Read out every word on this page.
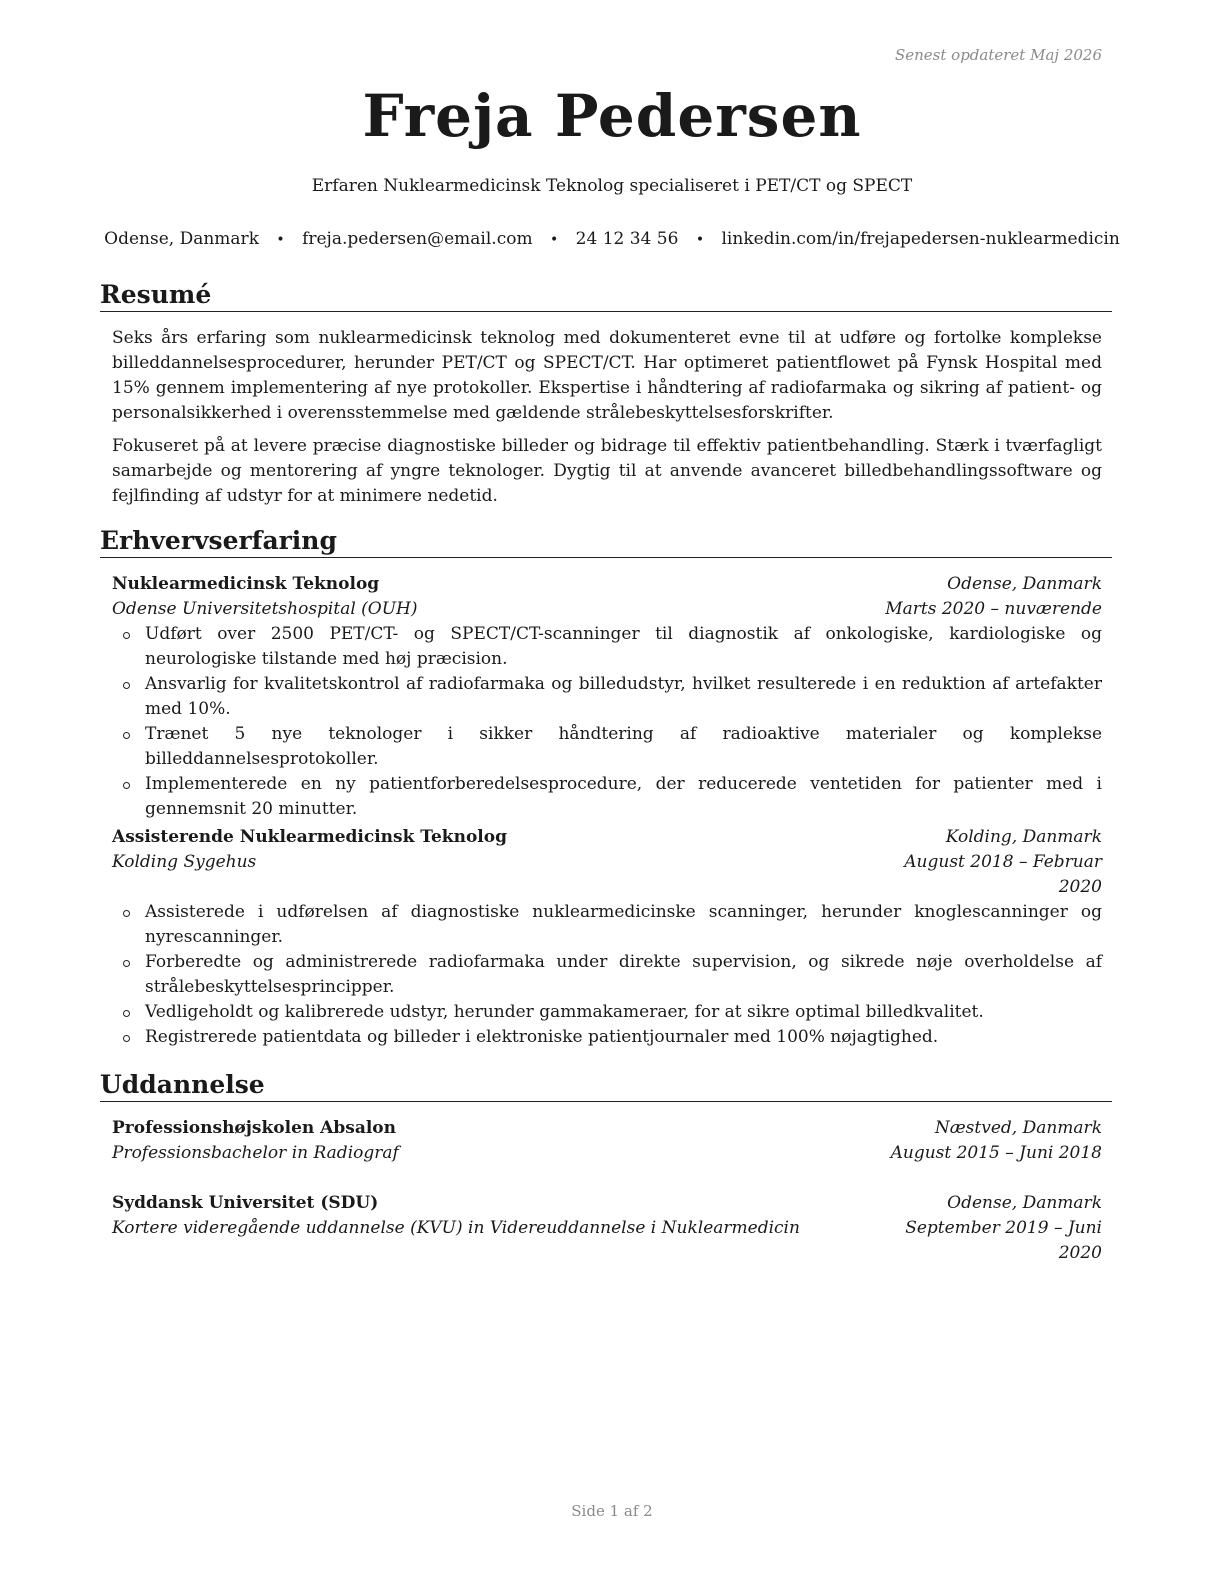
Senest opdateret Maj 2026
Freja Pedersen
Erfaren Nuklearmedicinsk Teknolog specialiseret i PET/CT og SPECT
Odense, Danmark • freja.pedersen@email.com • 24 12 34 56 • linkedin.com/in/frejapedersen-nuklearmedicin
Resumé

Seks års erfaring som nuklearmedicinsk teknolog med dokumenteret evne til at udføre og fortolke komplekse billeddannelsesprocedurer, herunder PET/CT og SPECT/CT. Har optimeret patientflowet på Fynsk Hospital med 15% gennem implementering af nye protokoller. Ekspertise i håndtering af radiofarmaka og sikring af patient- og personalsikkerhed i overensstemmelse med gældende strålebeskyttelsesforskrifter.

Fokuseret på at levere præcise diagnostiske billeder og bidrage til effektiv patientbehandling. Stærk i tværfagligt samarbejde og mentorering af yngre teknologer. Dygtig til at anvende avanceret billedbehandlingssoftware og fejlfinding af udstyr for at minimere nedetid.

Erhvervserfaring
Nuklearmedicinsk Teknolog	Odense, Danmark
Odense Universitetshospital (OUH)	Marts 2020 – nuværende
Udført over 2500 PET/CT- og SPECT/CT-scanninger til diagnostik af onkologiske, kardiologiske og neurologiske tilstande med høj præcision.
Ansvarlig for kvalitetskontrol af radiofarmaka og billedudstyr, hvilket resulterede i en reduktion af artefakter med 10%.
Trænet 5 nye teknologer i sikker håndtering af radioaktive materialer og komplekse billeddannelsesprotokoller.
Implementerede en ny patientforberedelsesprocedure, der reducerede ventetiden for patienter med i gennemsnit 20 minutter.
Assisterende Nuklearmedicinsk Teknolog	Kolding, Danmark
Kolding Sygehus	August 2018 – Februar 2020
Assisterede i udførelsen af diagnostiske nuklearmedicinske scanninger, herunder knoglescanninger og nyrescanninger.
Forberedte og administrerede radiofarmaka under direkte supervision, og sikrede nøje overholdelse af strålebeskyttelsesprincipper.
Vedligeholdt og kalibrerede udstyr, herunder gammakameraer, for at sikre optimal billedkvalitet.
Registrerede patientdata og billeder i elektroniske patientjournaler med 100% nøjagtighed.
Uddannelse
Professionshøjskolen Absalon	Næstved, Danmark
Professionsbachelor in Radiograf	August 2015 – Juni 2018
Syddansk Universitet (SDU)	Odense, Danmark
Kortere videregående uddannelse (KVU) in Videreuddannelse i Nuklearmedicin	September 2019 – Juni 2020
Side 1 af 2
